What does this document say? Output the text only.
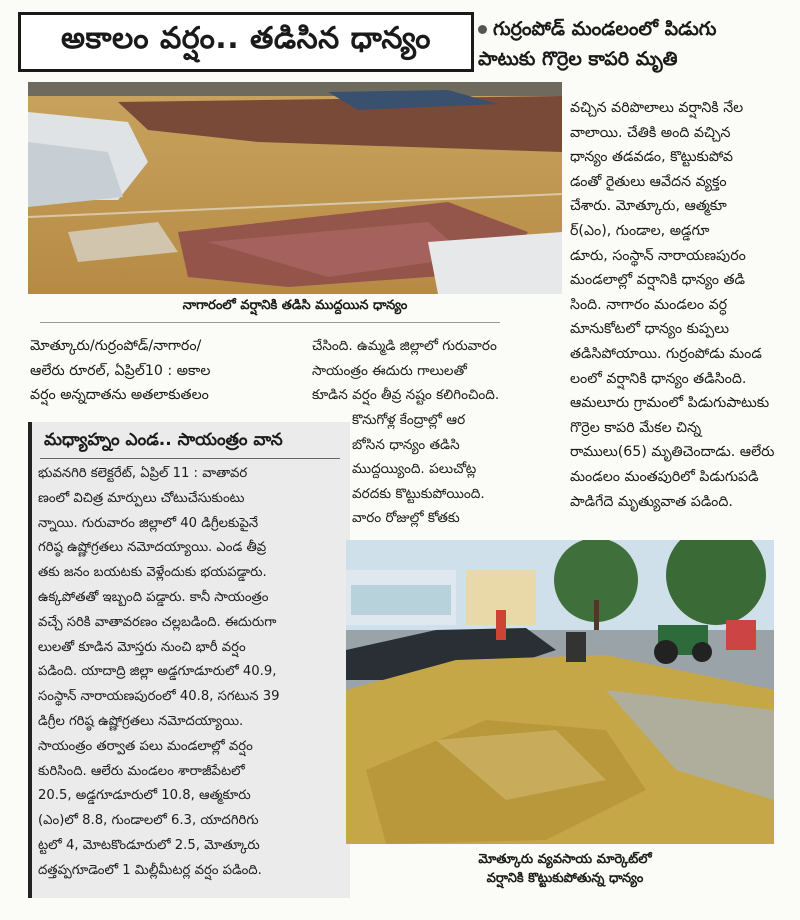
అకాలం వర్షం.. తడిసిన ధాన్యం	గుర్రంపోడ్ మండలంలో పిడుగు
పాటుకు గొర్రెల కాపరి మృతి
నాగారంలో వర్షానికి తడిసి ముద్దయిన ధాన్యం
వచ్చిన వరిపొలాలు వర్షానికి నేల
వాలాయి. చేతికి అంది వచ్చిన
ధాన్యం తడవడం, కొట్టుకుపోవ
డంతో రైతులు ఆవేదన వ్యక్తం
చేశారు. మోత్కూరు, ఆత్మకూ
ర్(ఎం), గుండాల, అడ్డగూ
డూరు, సంస్థాన్ నారాయణపురం
మండలాల్లో వర్షానికి ధాన్యం తడి
సింది. నాగారం మండలం వర్ధ
మానుకోటలో ధాన్యం కుప్పలు
తడిసిపోయాయి. గుర్రంపోడు మండ
లంలో వర్షానికి ధాన్యం తడిసింది.
ఆమలూరు గ్రామంలో పిడుగుపాటుకు
గొర్రెల కాపరి మేకల చిన్న
రాములు(65) మృతిచెందాడు. ఆలేరు
మండలం మంతపురిలో పిడుగుపడి
పాడిగేదె మృత్యువాత పడింది.
మోత్కూరు/గుర్రంపోడ్/నాగారం/
ఆలేరు రూరల్, ఏప్రిల్10 : అకాల
వర్షం అన్నదాతను అతలాకుతలం
చేసింది. ఉమ్మడి జిల్లాలో గురువారం
సాయంత్రం ఈదురు గాలులతో
కూడిన వర్షం తీవ్ర నష్టం కలిగించింది.
కొనుగోళ్ల కేంద్రాల్లో ఆర
బోసిన ధాన్యం తడిసి
ముద్దయ్యింది. పలుచోట్ల
వరదకు కొట్టుకుపోయింది.
వారం రోజుల్లో కోతకు
మధ్యాహ్నం ఎండ.. సాయంత్రం వాన
భువనగిరి కలెక్టరేట్, ఏప్రిల్ 11 : వాతావర
ణంలో విచిత్ర మార్పులు చోటుచేసుకుంటు
న్నాయి. గురువారం జిల్లాలో 40 డిగ్రీలకుపైనే
గరిష్ఠ ఉష్ణోగ్రతలు నమోదయ్యాయి. ఎండ తీవ్ర
తకు జనం బయటకు వెళ్లేందుకు భయపడ్డారు.
ఉక్కపోతతో ఇబ్బంది పడ్డారు. కానీ సాయంత్రం
వచ్చే సరికి వాతావరణం చల్లబడింది. ఈదురుగా
లులతో కూడిన మోస్తరు నుంచి భారీ వర్షం
పడింది. యాదాద్రి జిల్లా అడ్డగూడూరులో 40.9,
సంస్థాన్ నారాయణపురంలో 40.8, సగటున 39
డిగ్రీల గరిష్ఠ ఉష్ణోగ్రతలు నమోదయ్యాయి.
సాయంత్రం తర్వాత పలు మండలాల్లో వర్షం
కురిసింది. ఆలేరు మండలం శారాజీపేటలో
20.5, అడ్డగూడూరులో 10.8, ఆత్మకూరు
(ఎం)లో 8.8, గుండాలలో 6.3, యాదగిరిగు
ట్టలో 4, మోటకొండూరులో 2.5, మోత్కూరు
దత్తప్పగూడెంలో 1 మిల్లీమీటర్ల వర్షం పడింది.
మోత్కూరు వ్యవసాయ మార్కెట్‌లో
వర్షానికి కొట్టుకుపోతున్న ధాన్యం
